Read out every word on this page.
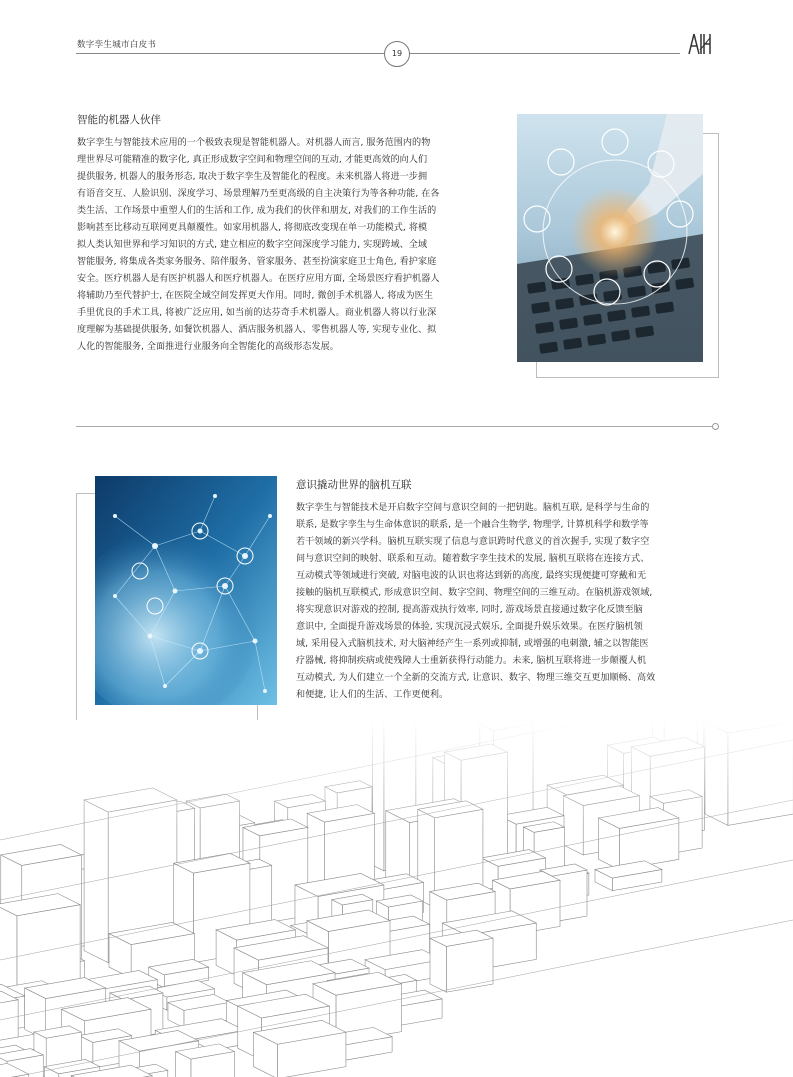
数字孪生城市白皮书
19
智能的机器人伙伴
数字孪生与智能技术应用的一个极致表现是智能机器人。对机器人而言, 服务范围内的物
理世界尽可能精准的数字化, 真正形成数字空间和物理空间的互动, 才能更高效的向人们
提供服务, 机器人的服务形态, 取决于数字孪生及智能化的程度。未来机器人将进一步拥
有语音交互、人脸识别、深度学习、场景理解乃至更高级的自主决策行为等各种功能, 在各
类生活、工作场景中重塑人们的生活和工作, 成为我们的伙伴和朋友, 对我们的工作生活的
影响甚至比移动互联网更具颠覆性。如家用机器人, 将彻底改变现在单一功能模式, 将模
拟人类认知世界和学习知识的方式, 建立相应的数字空间深度学习能力, 实现跨域、全域
智能服务, 将集成各类家务服务、陪伴服务、管家服务、甚至扮演家庭卫士角色, 看护家庭
安全。医疗机器人是有医护机器人和医疗机器人。在医疗应用方面, 全场景医疗看护机器人
将辅助乃至代替护士, 在医院全域空间发挥更大作用。同时, 微创手术机器人, 将成为医生
手里优良的手术工具, 将被广泛应用, 如当前的达芬奇手术机器人。商业机器人将以行业深
度理解为基础提供服务, 如餐饮机器人、酒店服务机器人、零售机器人等, 实现专业化、拟
人化的智能服务, 全面推进行业服务向全智能化的高级形态发展。
意识撬动世界的脑机互联
数字孪生与智能技术是开启数字空间与意识空间的一把钥匙。脑机互联, 是科学与生命的
联系, 是数字孪生与生命体意识的联系, 是一个融合生物学, 物理学, 计算机科学和数学等
若干领域的新兴学科。脑机互联实现了信息与意识跨时代意义的首次握手, 实现了数字空
间与意识空间的映射、联系和互动。随着数字孪生技术的发展, 脑机互联将在连接方式、
互动模式等领域进行突破, 对脑电波的认识也将达到新的高度, 最终实现便捷可穿戴和无
接触的脑机互联模式, 形成意识空间、数字空间、物理空间的三维互动。在脑机游戏领域,
将实现意识对游戏的控制, 提高游戏执行效率, 同时, 游戏场景直接通过数字化反馈至脑
意识中, 全面提升游戏场景的体验, 实现沉浸式娱乐, 全面提升娱乐效果。在医疗脑机领
域, 采用侵入式脑机技术, 对大脑神经产生一系列或抑制, 或增强的电刺激, 辅之以智能医
疗器械, 将抑制疾病或使残障人士重新获得行动能力。未来, 脑机互联将进一步颠覆人机
互动模式, 为人们建立一个全新的交流方式, 让意识、数字、物理三维交互更加顺畅、高效
和便捷, 让人们的生活、工作更便利。
